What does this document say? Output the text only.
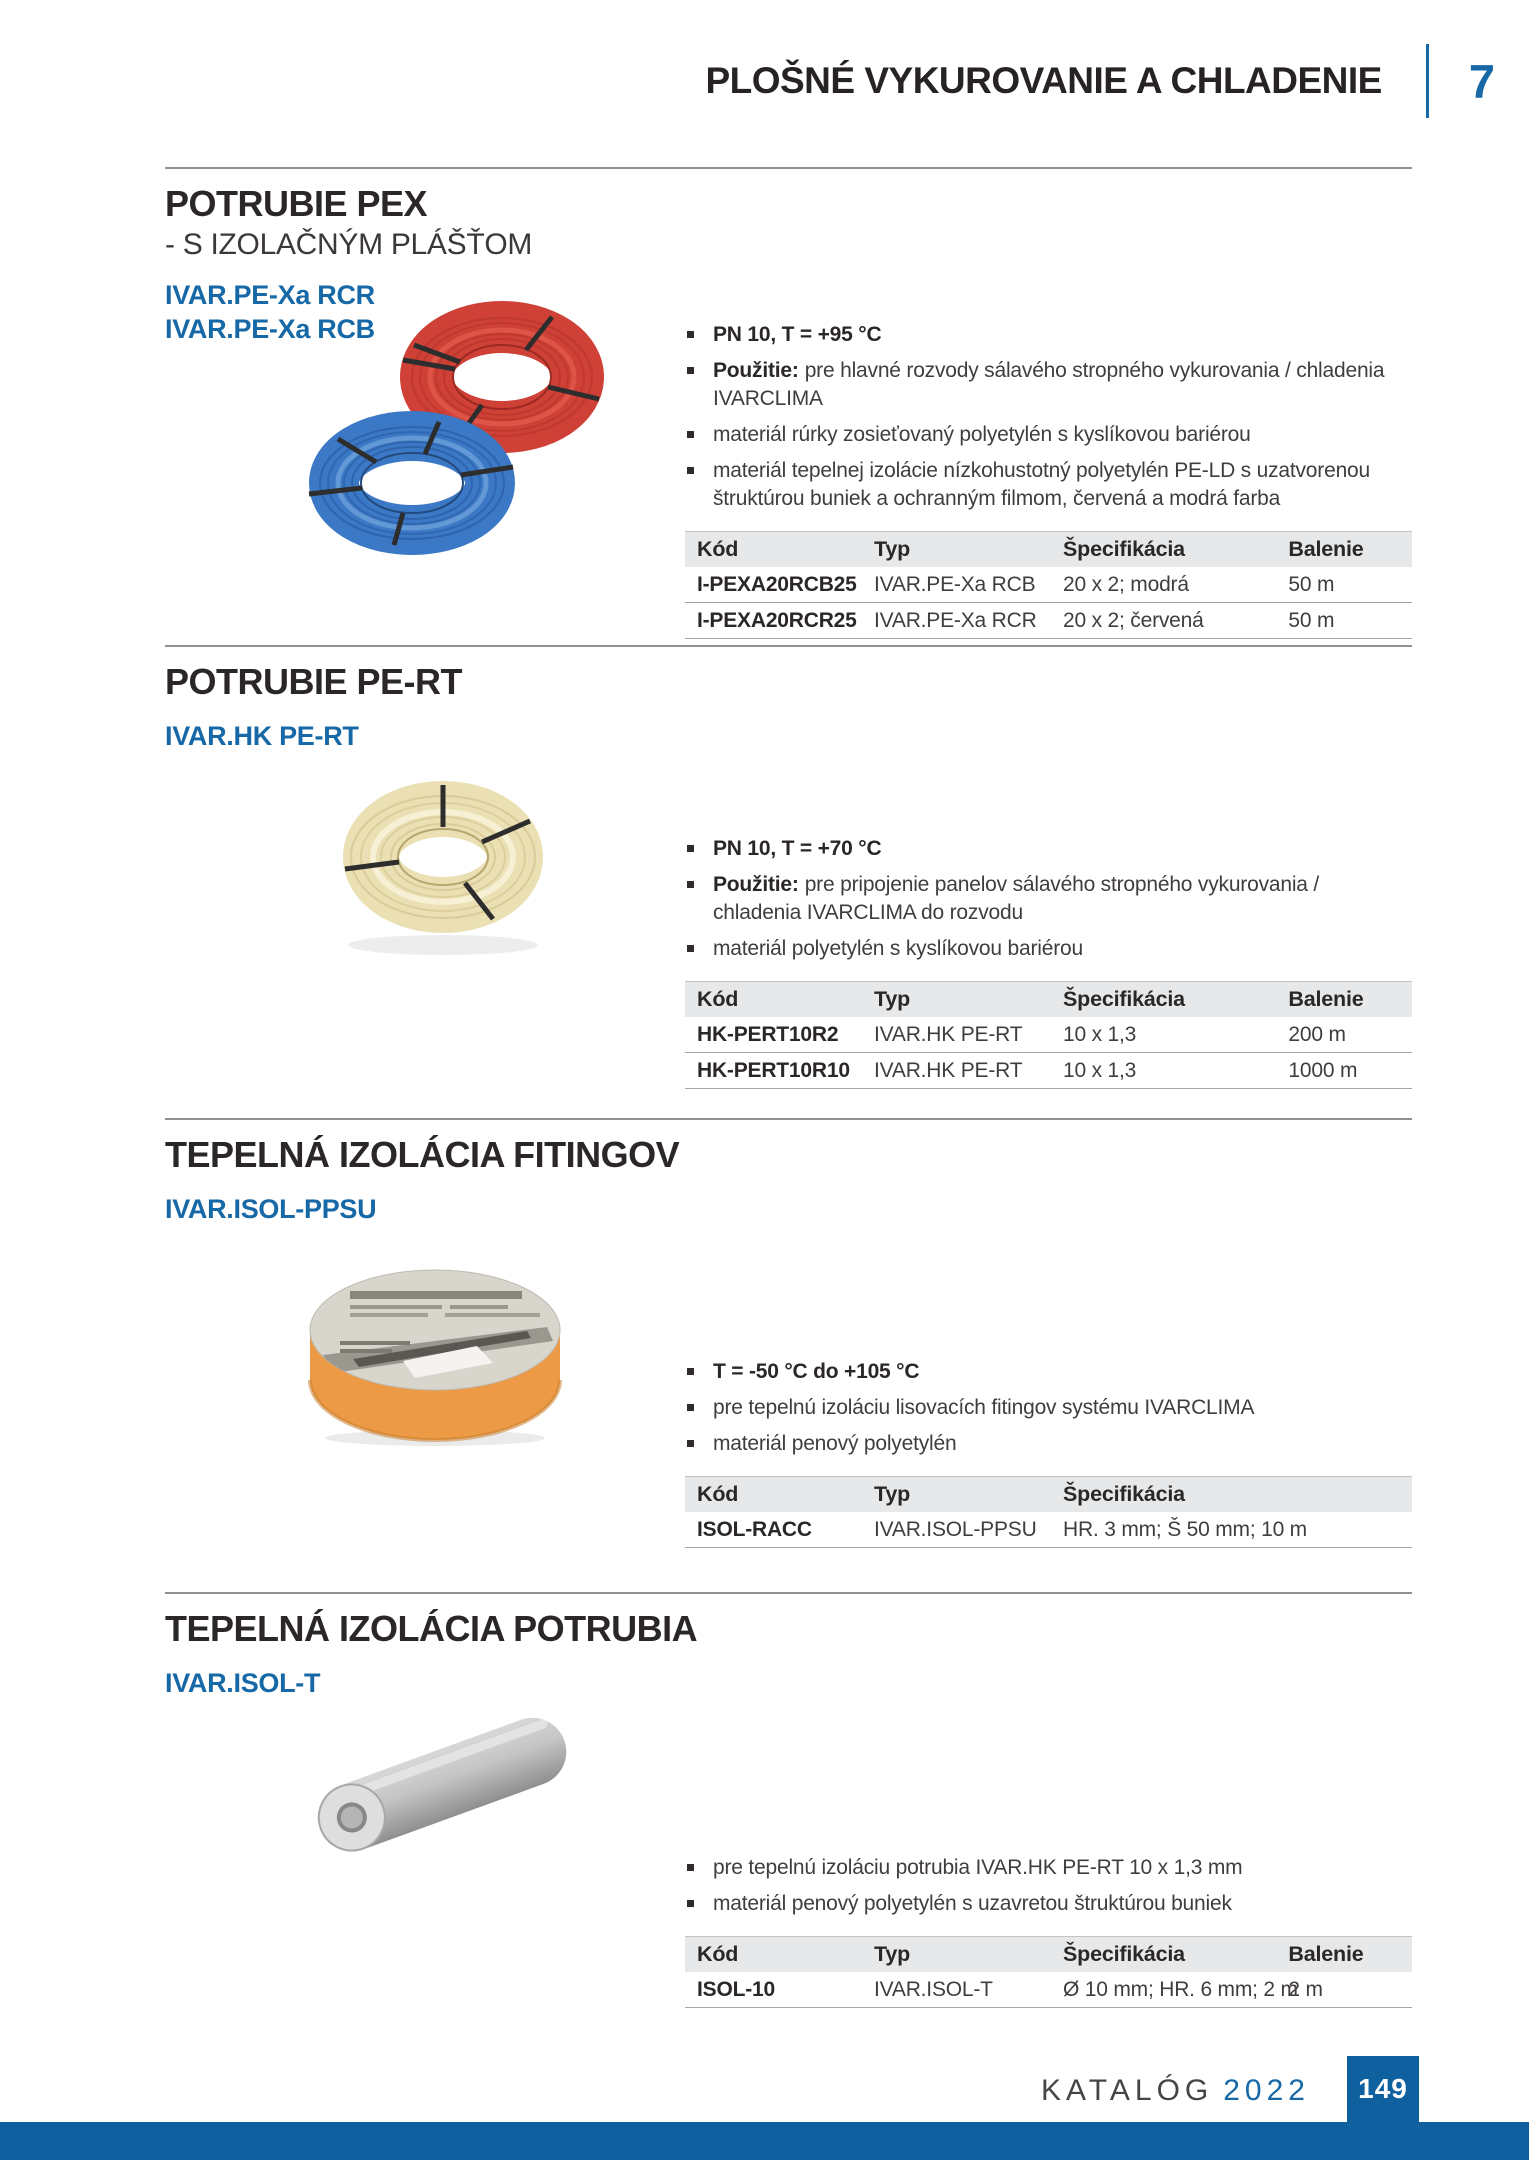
PLOŠNÉ VYKUROVANIE A CHLADENIE 7
POTRUBIE PEX
- S IZOLAČNÝM PLÁŠŤOM
IVAR.PE-Xa RCR
IVAR.PE-Xa RCB	PN 10, T = +95 °C
Použitie: pre hlavné rozvody sálavého stropného vykurovania / chladenia IVARCLIMA
materiál rúrky zosieťovaný polyetylén s kyslíkovou bariérou
materiál tepelnej izolácie nízkohustotný polyetylén PE-LD s uzatvorenou štruktúrou buniek a ochranným filmom, červená a modrá farba
Kód	Typ	Špecifikácia	Balenie
I-PEXA20RCB25	IVAR.PE-Xa RCB	20 x 2; modrá	50 m
I-PEXA20RCR25	IVAR.PE-Xa RCR	20 x 2; červená	50 m
POTRUBIE PE-RT
IVAR.HK PE-RT
PN 10, T = +70 °C
Použitie: pre pripojenie panelov sálavého stropného vykurovania / chladenia IVARCLIMA do rozvodu
materiál polyetylén s kyslíkovou bariérou
Kód	Typ	Špecifikácia	Balenie
HK-PERT10R2	IVAR.HK PE-RT	10 x 1,3	200 m
HK-PERT10R10	IVAR.HK PE-RT	10 x 1,3	1000 m
TEPELNÁ IZOLÁCIA FITINGOV
IVAR.ISOL-PPSU
T = -50 °C do +105 °C
pre tepelnú izoláciu lisovacích fitingov systému IVARCLIMA
materiál penový polyetylén
Kód	Typ	Špecifikácia
ISOL-RACC	IVAR.ISOL-PPSU	HR. 3 mm; Š 50 mm; 10 m
TEPELNÁ IZOLÁCIA POTRUBIA
IVAR.ISOL-T
pre tepelnú izoláciu potrubia IVAR.HK PE-RT 10 x 1,3 mm
materiál penový polyetylén s uzavretou štruktúrou buniek
Kód	Typ	Špecifikácia	Balenie
ISOL-10	IVAR.ISOL-T	Ø 10 mm; HR. 6 mm; 2 m	2 m
KATALÓG 2022	149
